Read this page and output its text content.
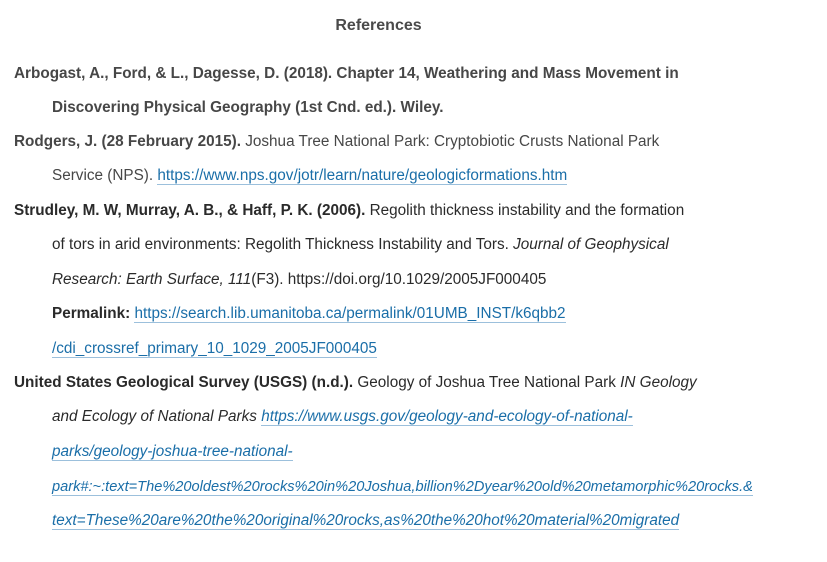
References
Arbogast, A., Ford, & L., Dagesse, D. (2018). Chapter 14, Weathering and Mass Movement in
Discovering Physical Geography (1st Cnd. ed.). Wiley.
Rodgers, J. (28 February 2015). Joshua Tree National Park: Cryptobiotic Crusts National Park
Service (NPS). https://www.nps.gov/jotr/learn/nature/geologicformations.htm
Strudley, M. W, Murray, A. B., & Haff, P. K. (2006). Regolith thickness instability and the formation
of tors in arid environments: Regolith Thickness Instability and Tors. Journal of Geophysical
Research: Earth Surface, 111(F3). https://doi.org/10.1029/2005JF000405
Permalink: https://search.lib.umanitoba.ca/permalink/01UMB_INST/k6qbb2
/cdi_crossref_primary_10_1029_2005JF000405
United States Geological Survey (USGS) (n.d.). Geology of Joshua Tree National Park IN Geology
and Ecology of National Parks https://www.usgs.gov/geology-and-ecology-of-national-
parks/geology-joshua-tree-national-
park#:~:text=The%20oldest%20rocks%20in%20Joshua,billion%2Dyear%20old%20metamorphic%20rocks.&
text=These%20are%20the%20original%20rocks,as%20the%20hot%20material%20migrated
